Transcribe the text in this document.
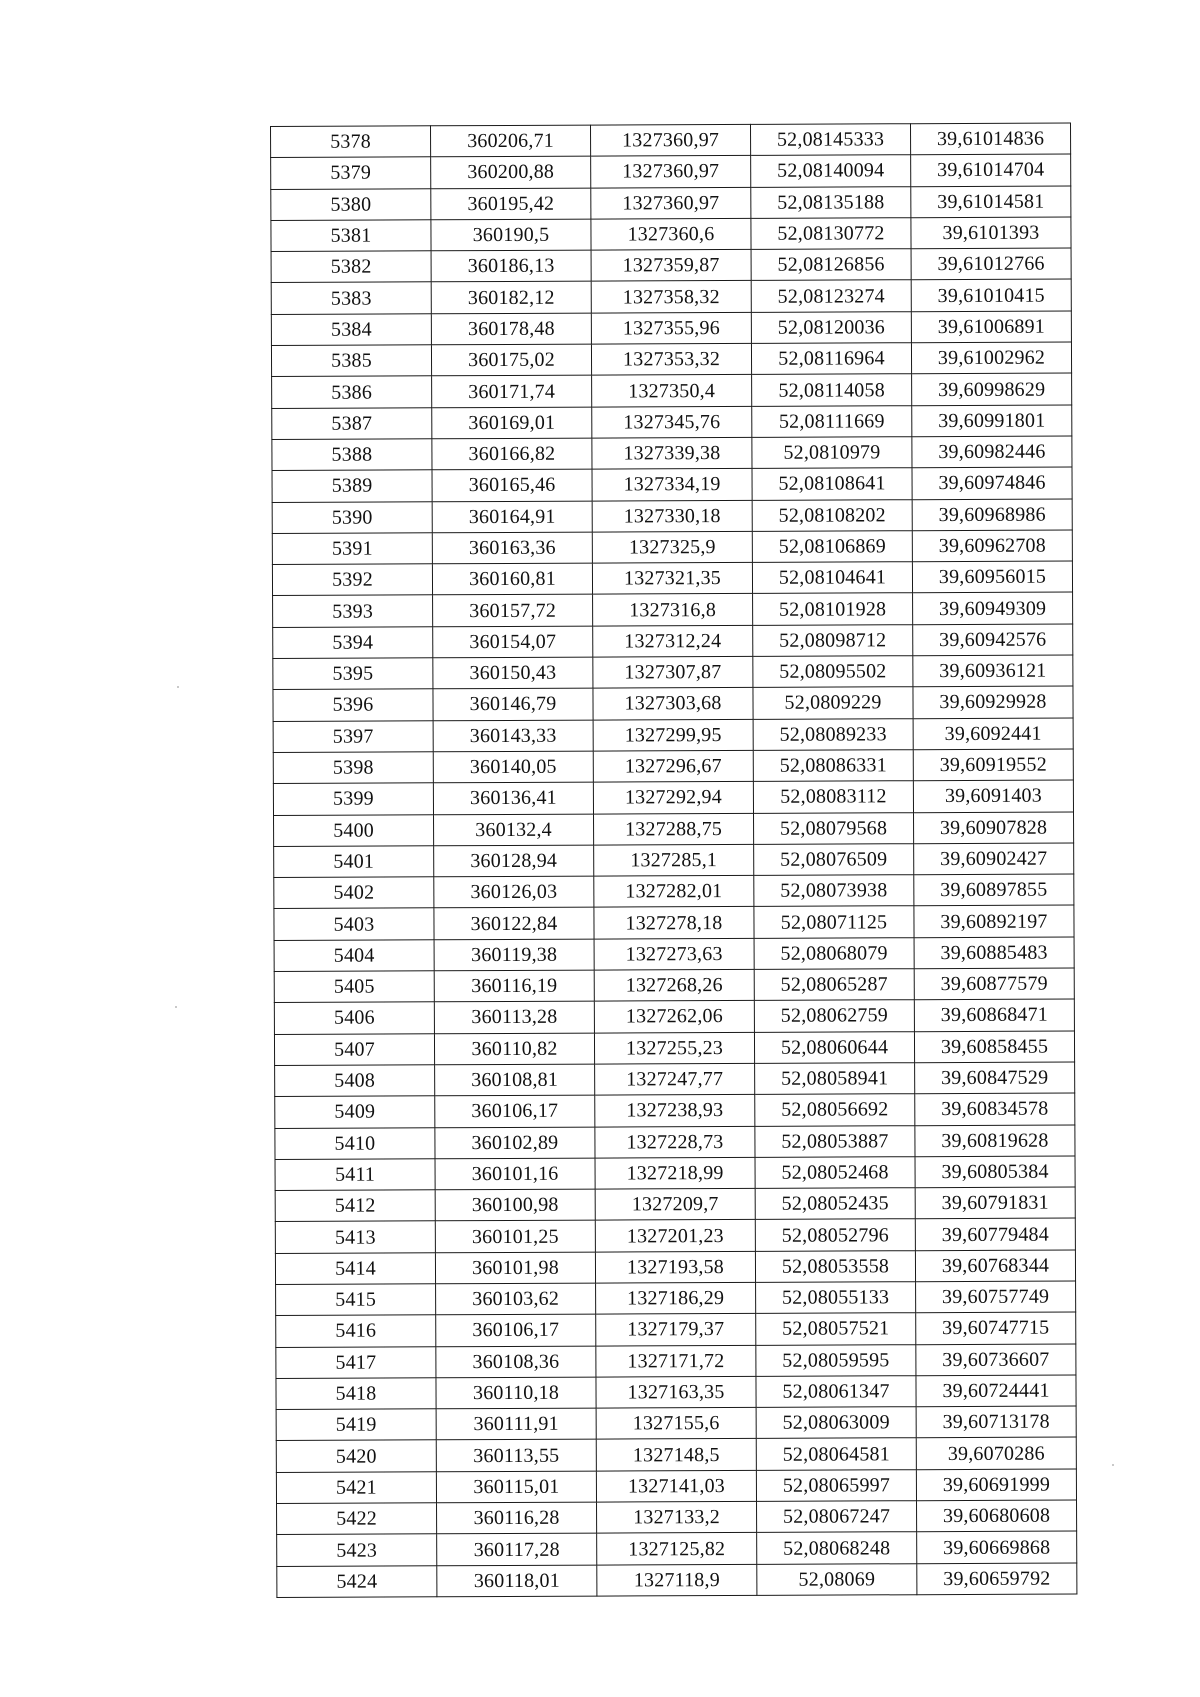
5378	360206,71	1327360,97	52,08145333	39,61014836
5379	360200,88	1327360,97	52,08140094	39,61014704
5380	360195,42	1327360,97	52,08135188	39,61014581
5381	360190,5	1327360,6	52,08130772	39,6101393
5382	360186,13	1327359,87	52,08126856	39,61012766
5383	360182,12	1327358,32	52,08123274	39,61010415
5384	360178,48	1327355,96	52,08120036	39,61006891
5385	360175,02	1327353,32	52,08116964	39,61002962
5386	360171,74	1327350,4	52,08114058	39,60998629
5387	360169,01	1327345,76	52,08111669	39,60991801
5388	360166,82	1327339,38	52,0810979	39,60982446
5389	360165,46	1327334,19	52,08108641	39,60974846
5390	360164,91	1327330,18	52,08108202	39,60968986
5391	360163,36	1327325,9	52,08106869	39,60962708
5392	360160,81	1327321,35	52,08104641	39,60956015
5393	360157,72	1327316,8	52,08101928	39,60949309
5394	360154,07	1327312,24	52,08098712	39,60942576
5395	360150,43	1327307,87	52,08095502	39,60936121
5396	360146,79	1327303,68	52,0809229	39,60929928
5397	360143,33	1327299,95	52,08089233	39,6092441
5398	360140,05	1327296,67	52,08086331	39,60919552
5399	360136,41	1327292,94	52,08083112	39,6091403
5400	360132,4	1327288,75	52,08079568	39,60907828
5401	360128,94	1327285,1	52,08076509	39,60902427
5402	360126,03	1327282,01	52,08073938	39,60897855
5403	360122,84	1327278,18	52,08071125	39,60892197
5404	360119,38	1327273,63	52,08068079	39,60885483
5405	360116,19	1327268,26	52,08065287	39,60877579
5406	360113,28	1327262,06	52,08062759	39,60868471
5407	360110,82	1327255,23	52,08060644	39,60858455
5408	360108,81	1327247,77	52,08058941	39,60847529
5409	360106,17	1327238,93	52,08056692	39,60834578
5410	360102,89	1327228,73	52,08053887	39,60819628
5411	360101,16	1327218,99	52,08052468	39,60805384
5412	360100,98	1327209,7	52,08052435	39,60791831
5413	360101,25	1327201,23	52,08052796	39,60779484
5414	360101,98	1327193,58	52,08053558	39,60768344
5415	360103,62	1327186,29	52,08055133	39,60757749
5416	360106,17	1327179,37	52,08057521	39,60747715
5417	360108,36	1327171,72	52,08059595	39,60736607
5418	360110,18	1327163,35	52,08061347	39,60724441
5419	360111,91	1327155,6	52,08063009	39,60713178
5420	360113,55	1327148,5	52,08064581	39,6070286
5421	360115,01	1327141,03	52,08065997	39,60691999
5422	360116,28	1327133,2	52,08067247	39,60680608
5423	360117,28	1327125,82	52,08068248	39,60669868
5424	360118,01	1327118,9	52,08069	39,60659792
